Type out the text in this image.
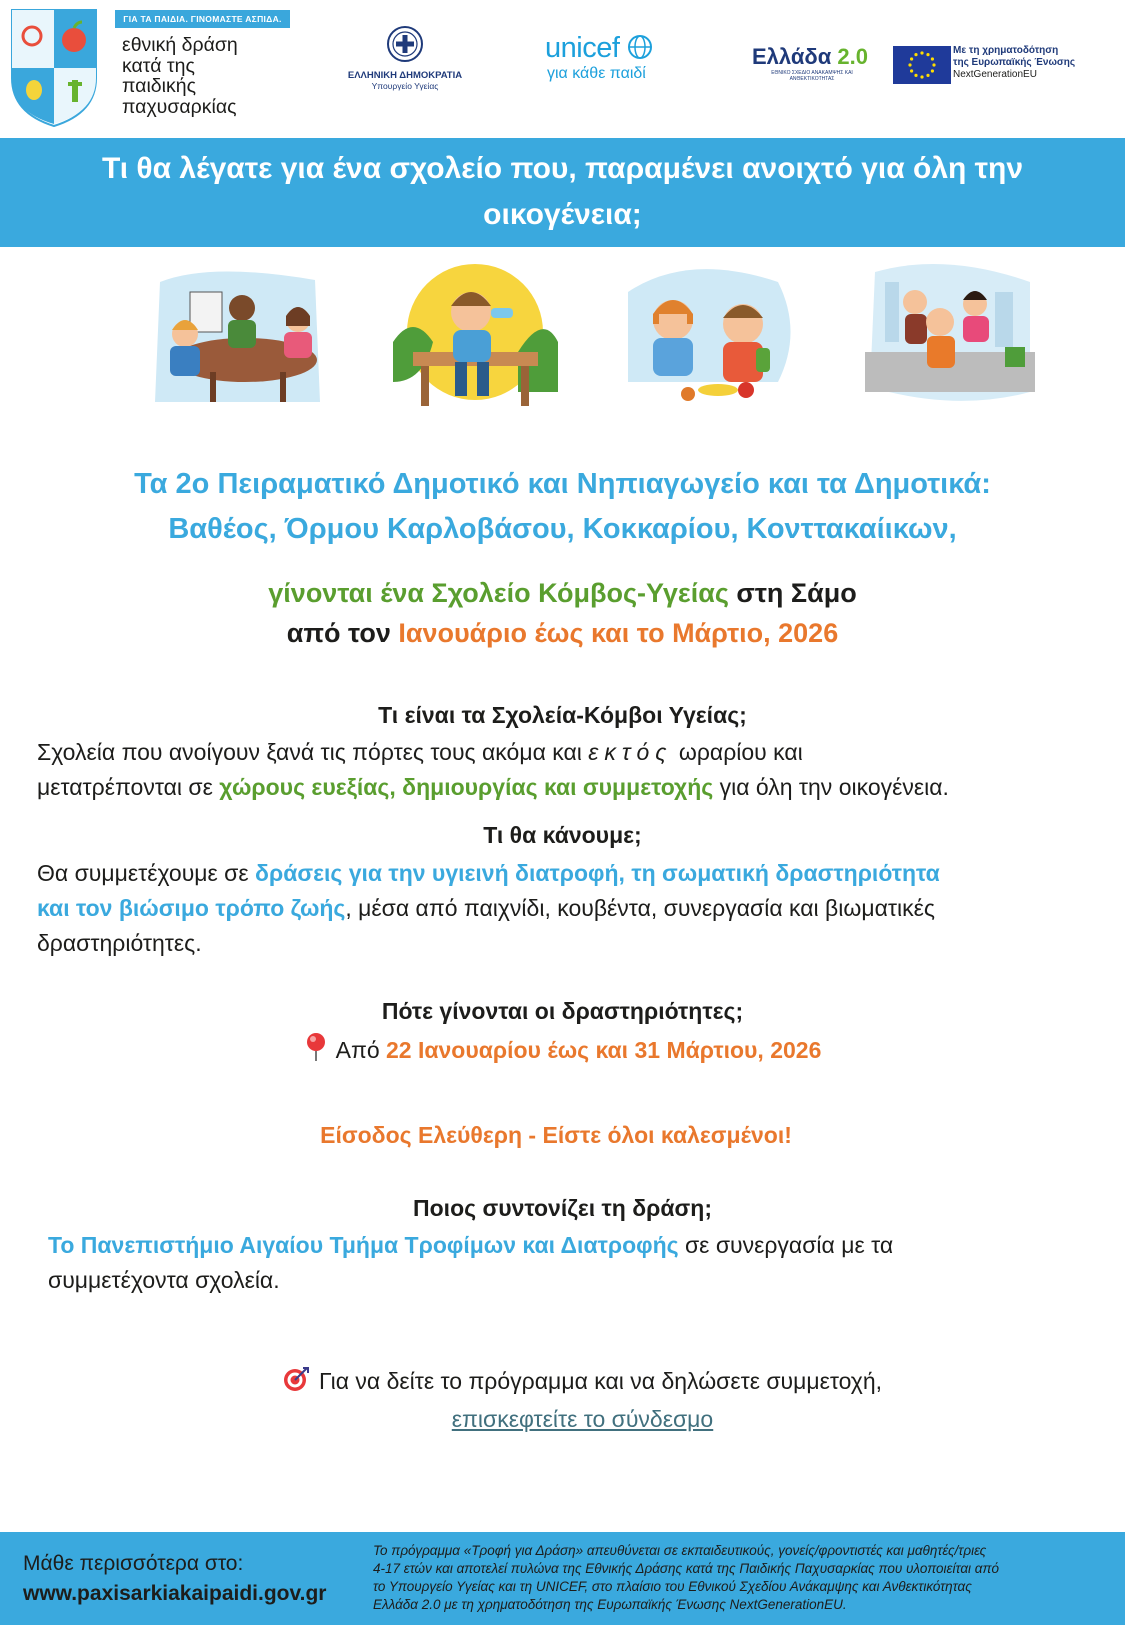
ΓΙΑ ΤΑ ΠΑΙΔΙΑ. ΓΙΝΟΜΑΣΤΕ ΑΣΠΙΔΑ.
εθνική δράση
κατά της
παιδικής
παχυσαρκίας
ΕΛΛΗΝΙΚΗ ΔΗΜΟΚΡΑΤΙΑ
Υπουργείο Υγείας
unicef
για κάθε παιδί
Ελλάδα 2.0
ΕΘΝΙΚΟ ΣΧΕΔΙΟ ΑΝΑΚΑΜΨΗΣ ΚΑΙ ΑΝΘΕΚΤΙΚΟΤΗΤΑΣ
Με τη χρηματοδότηση
της Ευρωπαϊκής Ένωσης
NextGenerationEU
Τι θα λέγατε για ένα σχολείο που, παραμένει ανοιχτό για όλη την
οικογένεια;
Τα 2ο Πειραματικό Δημοτικό και Νηπιαγωγείο και τα Δημοτικά:
Βαθέος, Όρμου Καρλοβάσου, Κοκκαρίου, Κονττακαίικων,
γίνονται ένα Σχολείο Κόμβος-Υγείας στη Σάμο
από τον Ιανουάριο έως και το Μάρτιο, 2026
Τι είναι τα Σχολεία-Κόμβοι Υγείας;
Σχολεία που ανοίγουν ξανά τις πόρτες τους ακόμα και εκτός ωραρίου και
μετατρέπονται σε χώρους ευεξίας, δημιουργίας και συμμετοχής για όλη την οικογένεια.
Τι θα κάνουμε;
Θα συμμετέχουμε σε δράσεις για την υγιεινή διατροφή, τη σωματική δραστηριότητα
και τον βιώσιμο τρόπο ζωής, μέσα από παιχνίδι, κουβέντα, συνεργασία και βιωματικές
δραστηριότητες.
Πότε γίνονται οι δραστηριότητες;
Από 22 Ιανουαρίου έως και 31 Μάρτιου, 2026
Είσοδος Ελεύθερη - Είστε όλοι καλεσμένοι!
Ποιος συντονίζει τη δράση;
Το Πανεπιστήμιο Αιγαίου Τμήμα Τροφίμων και Διατροφής σε συνεργασία με τα
συμμετέχοντα σχολεία.
Για να δείτε το πρόγραμμα και να δηλώσετε συμμετοχή,
επισκεφτείτε το σύνδεσμο
Μάθε περισσότερα στο:
www.paxisarkiakaipaidi.gov.gr
Το πρόγραμμα «Τροφή για Δράση» απευθύνεται σε εκπαιδευτικούς, γονείς/φροντιστές και μαθητές/τριες
4-17 ετών και αποτελεί πυλώνα της Εθνικής Δράσης κατά της Παιδικής Παχυσαρκίας που υλοποιείται από
το Υπουργείο Υγείας και τη UNICEF, στο πλαίσιο του Εθνικού Σχεδίου Ανάκαμψης και Ανθεκτικότητας
Ελλάδα 2.0 με τη χρηματοδότηση της Ευρωπαϊκής Ένωσης NextGenerationEU.
